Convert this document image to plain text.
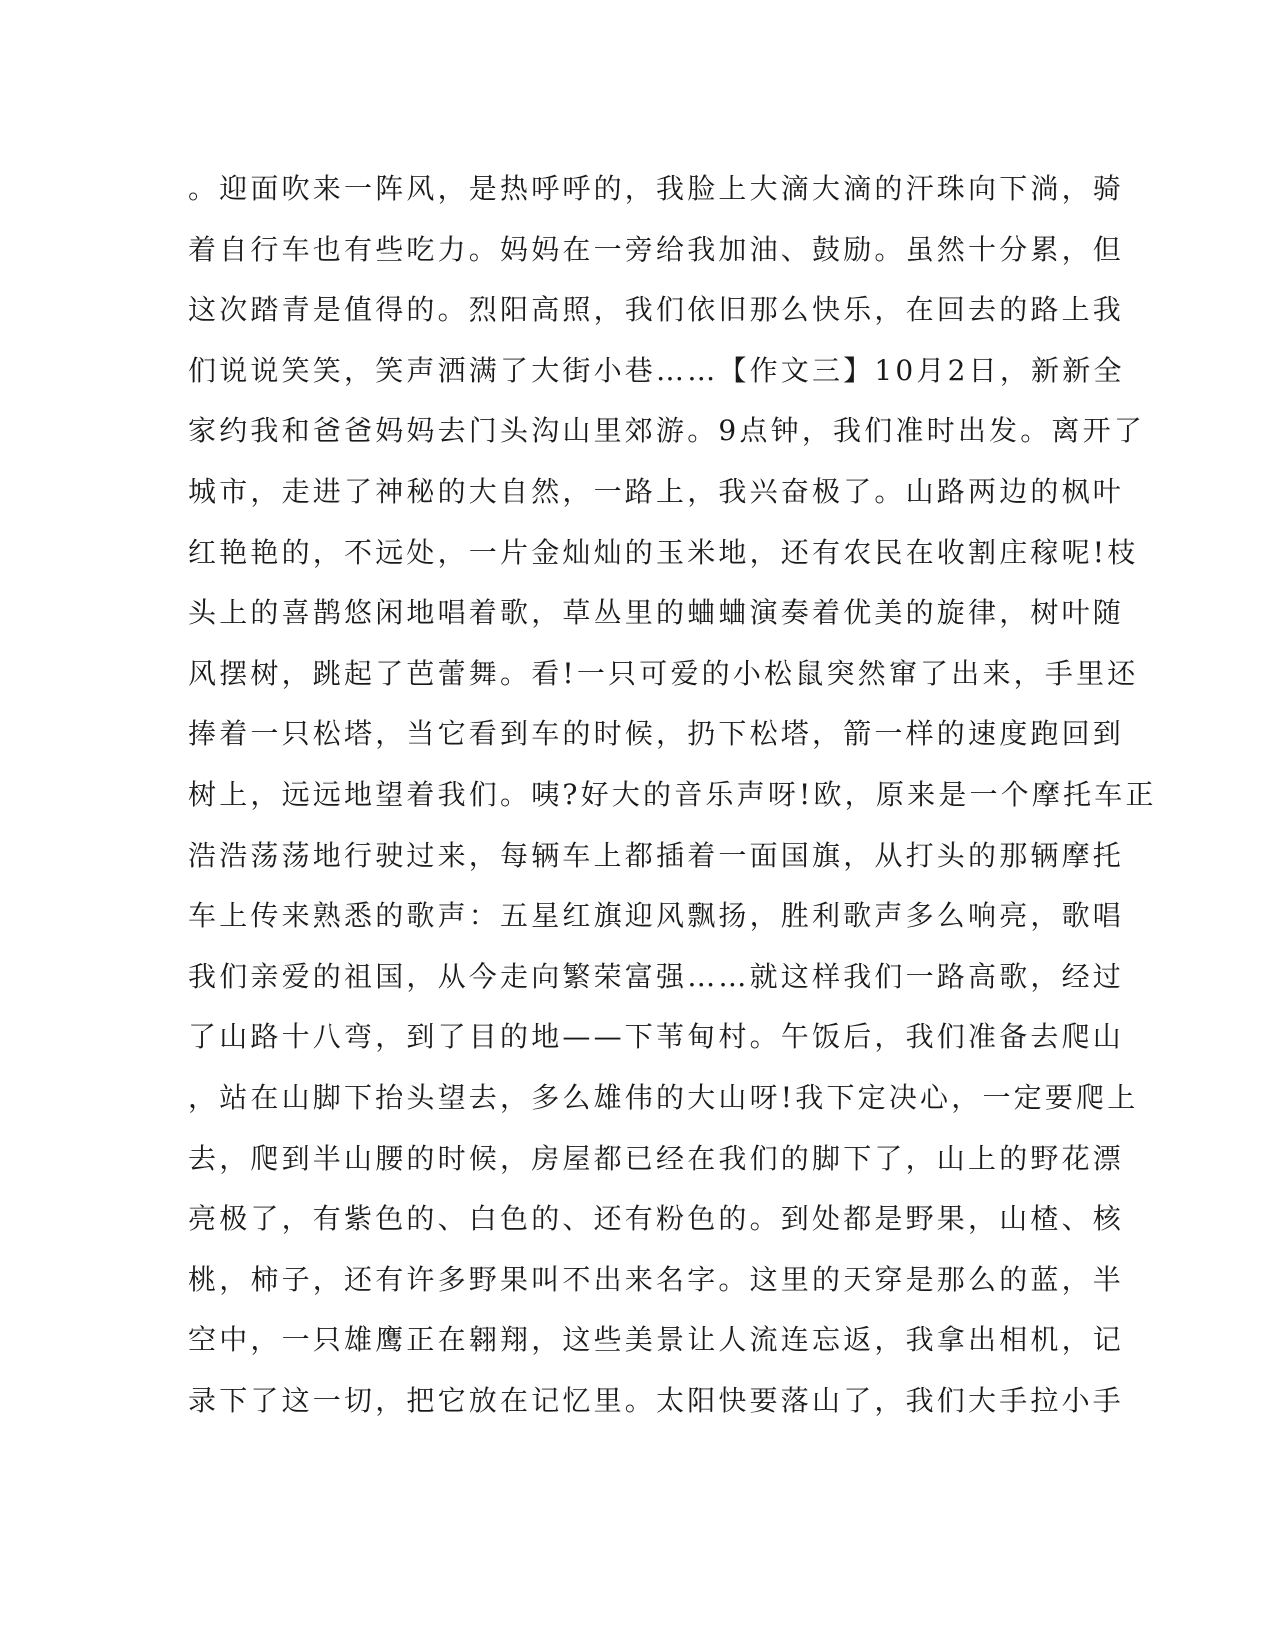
。迎面吹来一阵风，是热呼呼的，我脸上大滴大滴的汗珠向下淌，骑
着自行车也有些吃力。妈妈在一旁给我加油、鼓励。虽然十分累，但
这次踏青是值得的。烈阳高照，我们依旧那么快乐，在回去的路上我
们说说笑笑，笑声洒满了大街小巷……【作文三】10月2日，新新全
家约我和爸爸妈妈去门头沟山里郊游。9点钟，我们准时出发。离开了
城市，走进了神秘的大自然，一路上，我兴奋极了。山路两边的枫叶
红艳艳的，不远处，一片金灿灿的玉米地，还有农民在收割庄稼呢!枝
头上的喜鹊悠闲地唱着歌，草丛里的蛐蛐演奏着优美的旋律，树叶随
风摆树，跳起了芭蕾舞。看!一只可爱的小松鼠突然窜了出来，手里还
捧着一只松塔，当它看到车的时候，扔下松塔，箭一样的速度跑回到
树上，远远地望着我们。咦?好大的音乐声呀!欧，原来是一个摩托车正
浩浩荡荡地行驶过来，每辆车上都插着一面国旗，从打头的那辆摩托
车上传来熟悉的歌声：五星红旗迎风飘扬，胜利歌声多么响亮，歌唱
我们亲爱的祖国，从今走向繁荣富强……就这样我们一路高歌，经过
了山路十八弯，到了目的地——下苇甸村。午饭后，我们准备去爬山
，站在山脚下抬头望去，多么雄伟的大山呀!我下定决心，一定要爬上
去，爬到半山腰的时候，房屋都已经在我们的脚下了，山上的野花漂
亮极了，有紫色的、白色的、还有粉色的。到处都是野果，山楂、核
桃，柿子，还有许多野果叫不出来名字。这里的天穿是那么的蓝，半
空中，一只雄鹰正在翱翔，这些美景让人流连忘返，我拿出相机，记
录下了这一切，把它放在记忆里。太阳快要落山了，我们大手拉小手
